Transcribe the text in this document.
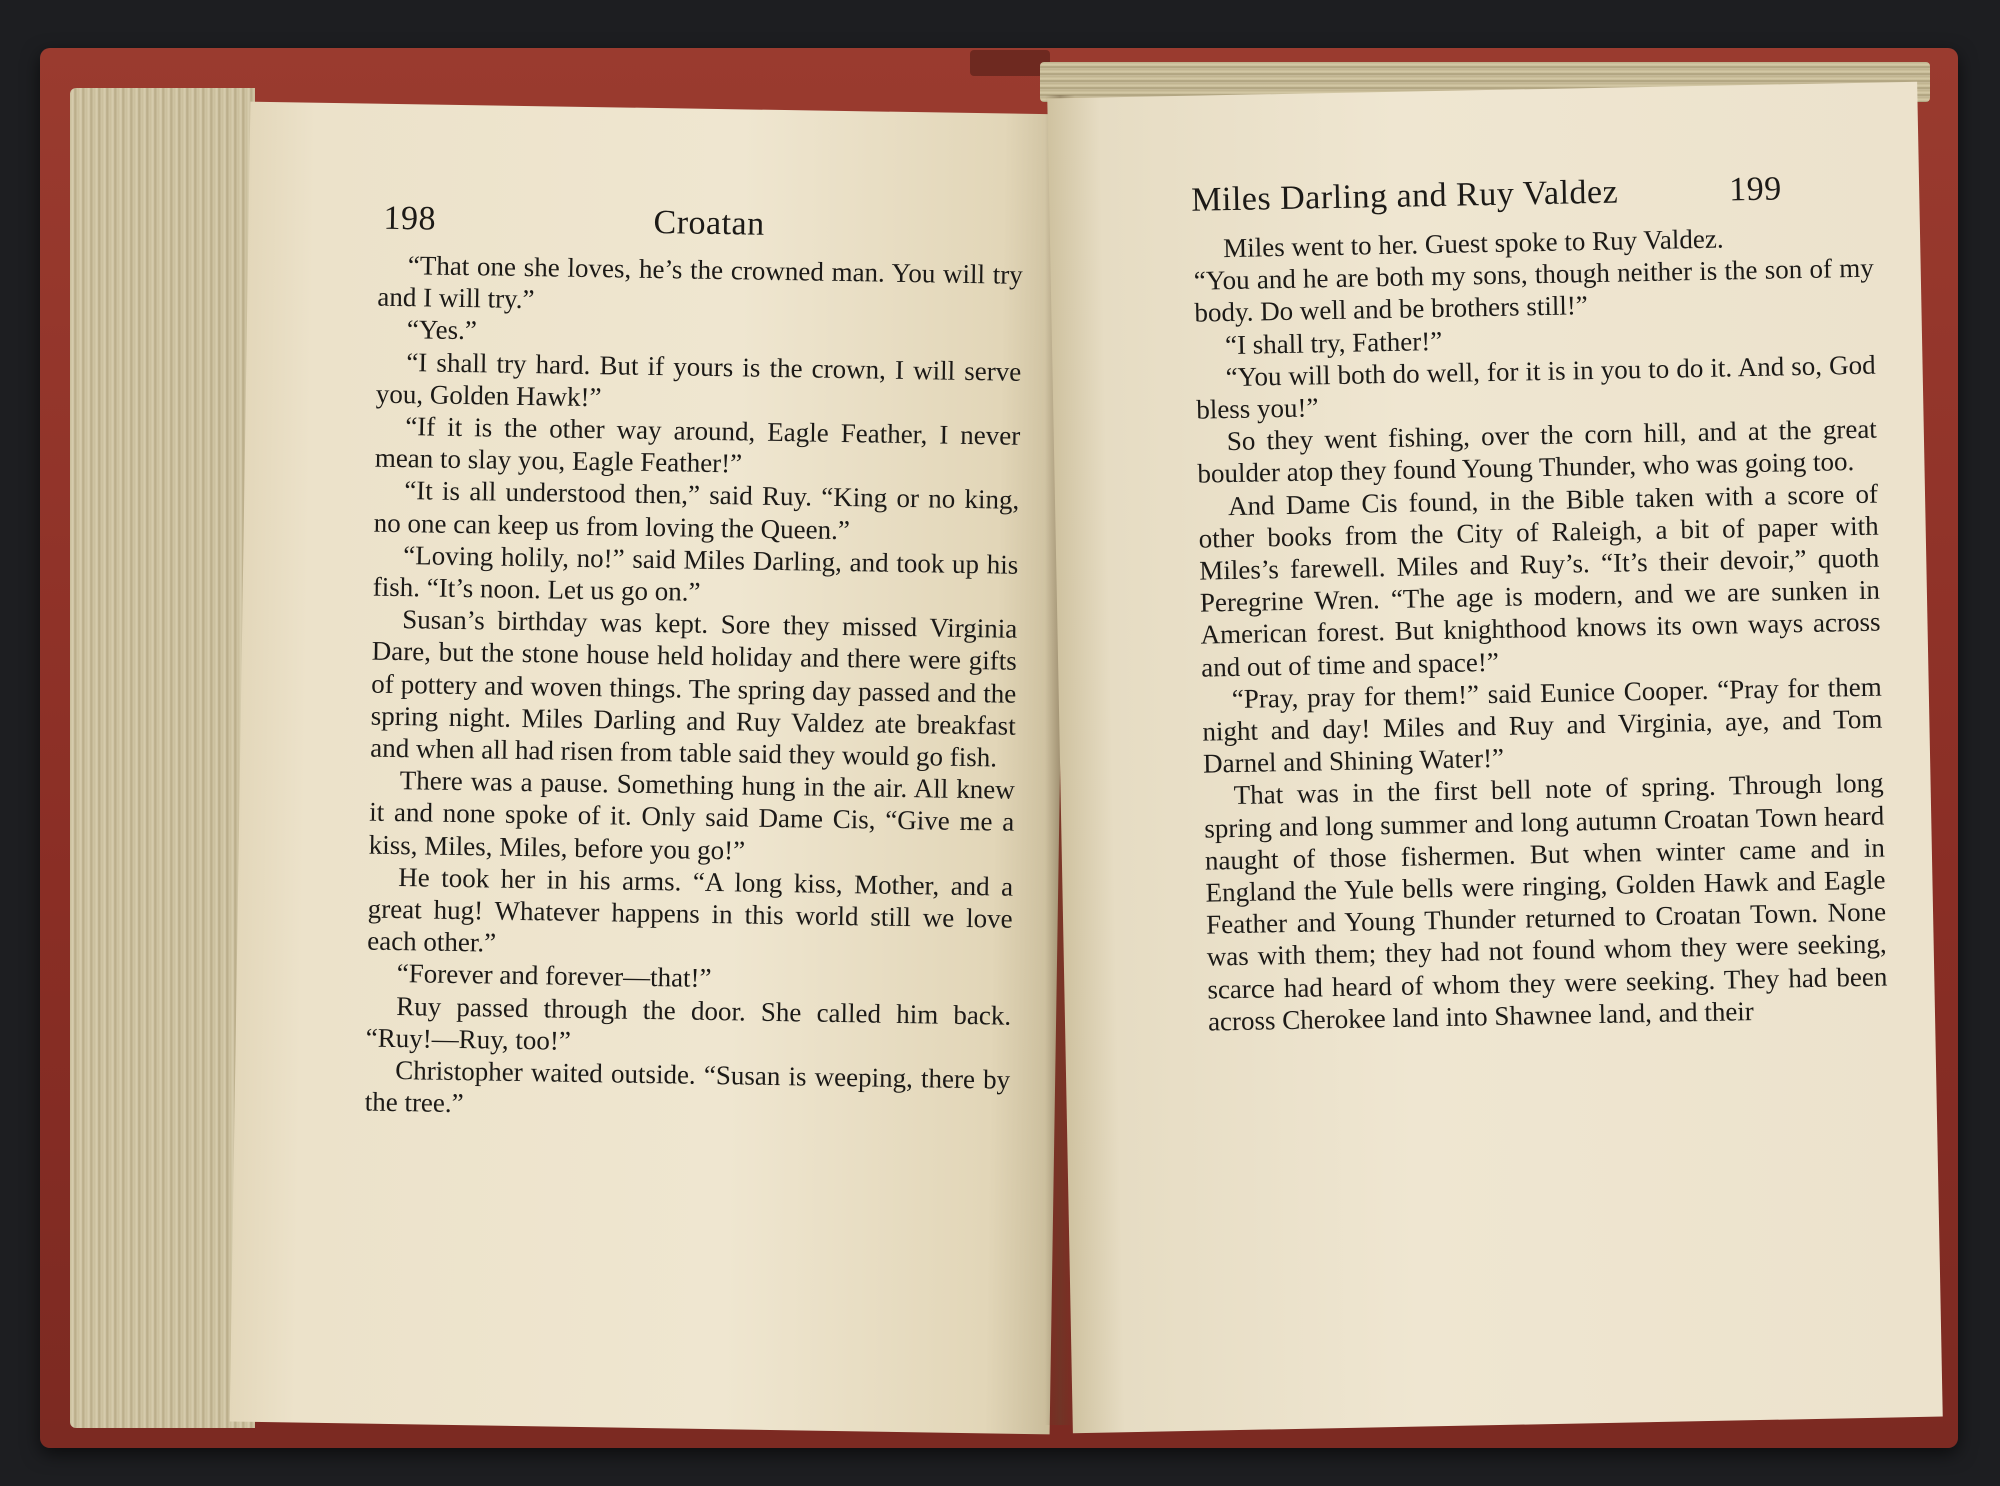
198	Croatan

“That one she loves, he’s the crowned man. You will try and I will try.”

“Yes.”

“I shall try hard. But if yours is the crown, I will serve you, Golden Hawk!”

“If it is the other way around, Eagle Feather, I never mean to slay you, Eagle Feather!”

“It is all understood then,” said Ruy. “King or no king, no one can keep us from loving the Queen.”

“Loving holily, no!” said Miles Darling, and took up his fish. “It’s noon. Let us go on.”

Susan’s birthday was kept. Sore they missed Virginia Dare, but the stone house held holiday and there were gifts of pottery and woven things. The spring day passed and the spring night. Miles Darling and Ruy Valdez ate breakfast and when all had risen from table said they would go fish.

There was a pause. Something hung in the air. All knew it and none spoke of it. Only said Dame Cis, “Give me a kiss, Miles, Miles, before you go!”

He took her in his arms. “A long kiss, Mother, and a great hug! Whatever happens in this world still we love each other.”

“Forever and forever—that!”

Ruy passed through the door. She called him back. “Ruy!—Ruy, too!”

Christopher waited outside. “Susan is weeping, there by the tree.”

Miles Darling and Ruy Valdez	199

Miles went to her. Guest spoke to Ruy Valdez.

“You and he are both my sons, though neither is the son of my body. Do well and be brothers still!”

“I shall try, Father!”

“You will both do well, for it is in you to do it. And so, God bless you!”

So they went fishing, over the corn hill, and at the great boulder atop they found Young Thunder, who was going too.

And Dame Cis found, in the Bible taken with a score of other books from the City of Raleigh, a bit of paper with Miles’s farewell. Miles and Ruy’s. “It’s their devoir,” quoth Peregrine Wren. “The age is modern, and we are sunken in American forest. But knighthood knows its own ways across and out of time and space!”

“Pray, pray for them!” said Eunice Cooper. “Pray for them night and day! Miles and Ruy and Virginia, aye, and Tom Darnel and Shining Water!”

That was in the first bell note of spring. Through long spring and long summer and long autumn Croatan Town heard naught of those fishermen. But when winter came and in England the Yule bells were ringing, Golden Hawk and Eagle Feather and Young Thunder returned to Croatan Town. None was with them; they had not found whom they were seeking, scarce had heard of whom they were seeking. They had been across Cherokee land into Shawnee land, and their
